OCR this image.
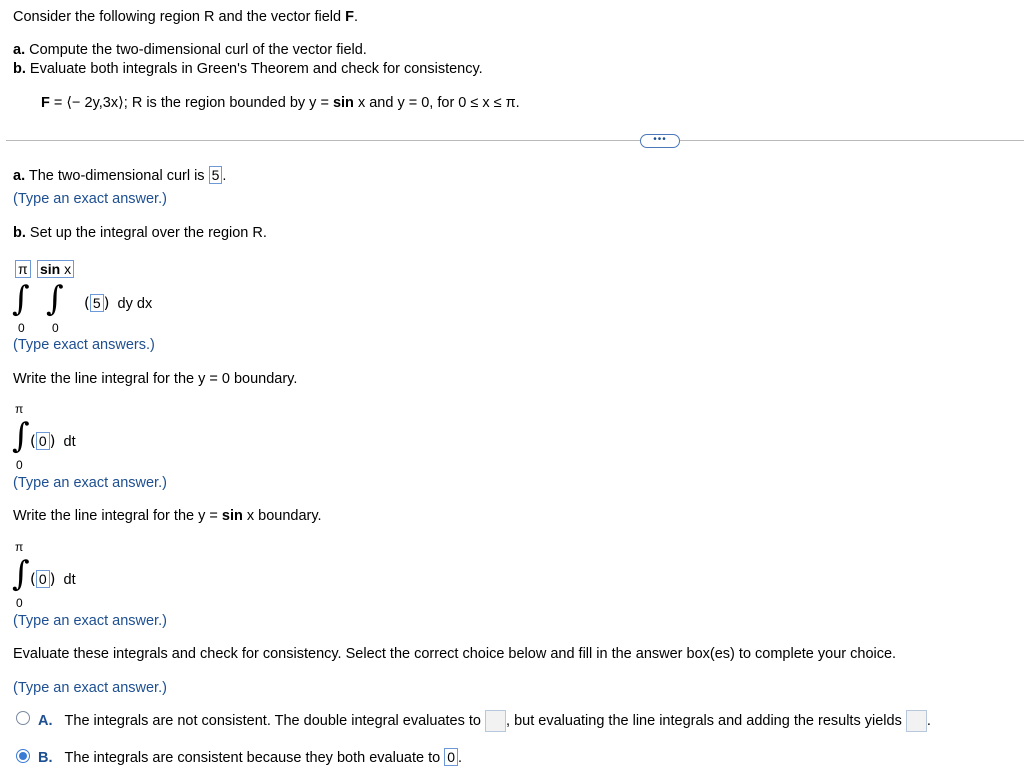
Consider the following region R and the vector field F.
a. Compute the two-dimensional curl of the vector field.
b. Evaluate both integrals in Green's Theorem and check for consistency.
F = ⟨− 2y,3x⟩; R is the region bounded by y = sin x and y = 0, for 0 ≤ x ≤ π.
•••
a. The two-dimensional curl is 5 .
(Type an exact answer.)
b. Set up the integral over the region R.
π sin x
∫ ∫ ( 5 ) dy dx
0 0
(Type exact answers.)
Write the line integral for the y = 0 boundary.
π
∫ ( 0 ) dt
0
(Type an exact answer.)
Write the line integral for the y = sin x boundary.
π
∫ ( 0 ) dt
0
(Type an exact answer.)
Evaluate these integrals and check for consistency. Select the correct choice below and fill in the answer box(es) to complete your choice.
(Type an exact answer.)
A. The integrals are not consistent. The double integral evaluates to , but evaluating the line integrals and adding the results yields .
B. The integrals are consistent because they both evaluate to 0 .
